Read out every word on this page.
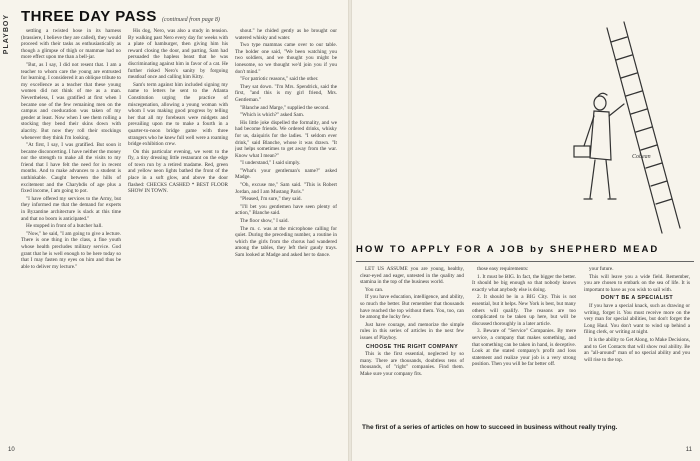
PLAYBOY THREE DAY PASS (continued from page 8)

settling a twisted hose in its harness (brassiere, I believe they are called), they would proceed with their tasks as enthusiastically as though a glimpse of thigh or mammae had no more effect upon me than a bell-jar.

"But, as I say, I did not resent that. I am a teacher to whom care the young are entrusted for learning. I considered it an oblique tribute to my excellence as a teacher that these young women did not think of me as a man. Nevertheless, I was gratified at first when I became one of the few remaining men on the campus and coeducation was taken of my gender at least. Now when I see them rolling a stocking they bend their skins down with alacrity. But now they roll their stockings whenever they think I'm looking.

"At first, I say, I was gratified. But soon it became disconcerting. I have neither the money nor the strength to make all the visits to my friend that I have felt the need for in recent months. And to make advances to a student is unthinkable. Caught between the hills of excitement and the Charybdis of age plus a fixed income, I am going to pot.

"I have offered my services to the Army, but they informed me that the demand for experts in Byzantine architecture is slack at this time and that no boom is anticipated."

He stopped in front of a butcher hall.

"Now," he said, "I am going to give a lecture. There is one thing in the class, a fine youth whose health precludes military service. God grant that he is well enough to be here today so that I may fasten my eyes on him and thus be able to deliver my lecture."

His dog, Nero, was also a study in tension. By walking past Nero every day for weeks with a plate of hamburger, then giving him his reward closing the door, and parting, Sam had persuaded the hapless beast that he was discriminating against him in favor of a cat. He further risked Nero's sanity by forgoing meatloaf once and calling him Kitty.

Sam's term against him included signing my name to letters he sent to the Atlanta Constitution urging the practice of miscegenation, allowing a young woman with whom I was making good progress by telling her that all my forebears were midgets and prevailing upon me to make a fourth in a quarter-to-noon bridge game with three strangers who he knew full well were a roaming bridge exhibition crew.

On this particular evening, we went to the fly, a tiny dressing little restaurant on the edge of town run by a retired madame. Red, green and yellow neon lights bathed the front of the place in a soft glow, and above the door flashed: CHECKS CASHED * BEST FLOOR SHOW IN TOWN.

shout." he chided gently as he brought our watered whisky and water.

Two type mammas came over to our table. The bolder one said, "We been watching you two soldiers, and we thought you might be lonesome, so we thought we'd join you if you don't mind."

"For patriotic reasons," said the other.

They sat down. "I'm Mrs. Spendrick, said the first, "and this is my girl friend, Mrs. Gentleman."

"Blanche and Marge," supplied the second.

"Which is which?" asked Sam.

His little joke dispelled the formality, and we had become friends. We ordered drinks, whisky for us, daiquiris for the ladies. "I seldom ever drink," said Blanche, whose it was drawn. "It just helps sometimes to get away from the war. Know what I mean?"

"I understand," I said simply.

"What's your gentleman's name?" asked Madge.

"Oh, excuse me," Sam said. "This is Robert Jordan, and I am Mustang Paris."

"Pleased, I'm sure," they said.

"I'll bet you gentlemen have seen plenty of action," Blanche said.

The floor show," I said.

The m. c. was at the microphone calling for quiet. During the preceding number, a routine in which the girls from the chorus had wandered among the tables, they left their gaudy trays. Sam looked at Madge and asked her to dance.

10
Cobean
HOW TO APPLY FOR A JOB by SHEPHERD MEAD

LET US ASSUME you are young, healthy, clear-eyed and eager, untested in the quality and stamina in the top of the business world.

You can.

If you have education, intelligence, and ability, so much the better. But remember that thousands have reached the top without them. You, too, can be among the lucky few.

Just have courage, and memorize the simple rules in this series of articles in the next few issues of Playboy.

CHOOSE THE RIGHT COMPANY

This is the first essential, neglected by so many. There are thousands, doubtless tens of thousands, of "right" companies. Find them. Make sure your company fits.

those easy requirements:

1. It must be BIG. In fact, the bigger the better. It should be big enough so that nobody knows exactly what anybody else is doing.

2. It should be in a BIG City. This is not essential, but it helps. New York is best, but many others will qualify. The reasons are too complicated to be taken up here, but will be discussed thoroughly in a later article.

3. Beware of "Service" Companies. By mere service, a company that makes something, and that something can be taken in hand, is deceptive. Look at the stated company's profit and loss statement and realize your job is a very strong position. Then you will be far better off.

your future.

This will leave you a wide field. Remember, you are chosen to embark on the sea of life. It is important to have as you wish to sail with.

DON'T BE A SPECIALIST

If you have a special knack, such as drawing or writing, forget it. You must receive more on the very man for special abilities, but don't forget the Long Haul. You don't want to wind up behind a filing clerk, or writing at night.

It is the ability to Get Along, to Make Decisions, and to Get Contacts that will show real ability. Be an "all-around" man of no special ability and you will rise to the top.

The first of a series of articles on how to succeed in business without really trying.
11
